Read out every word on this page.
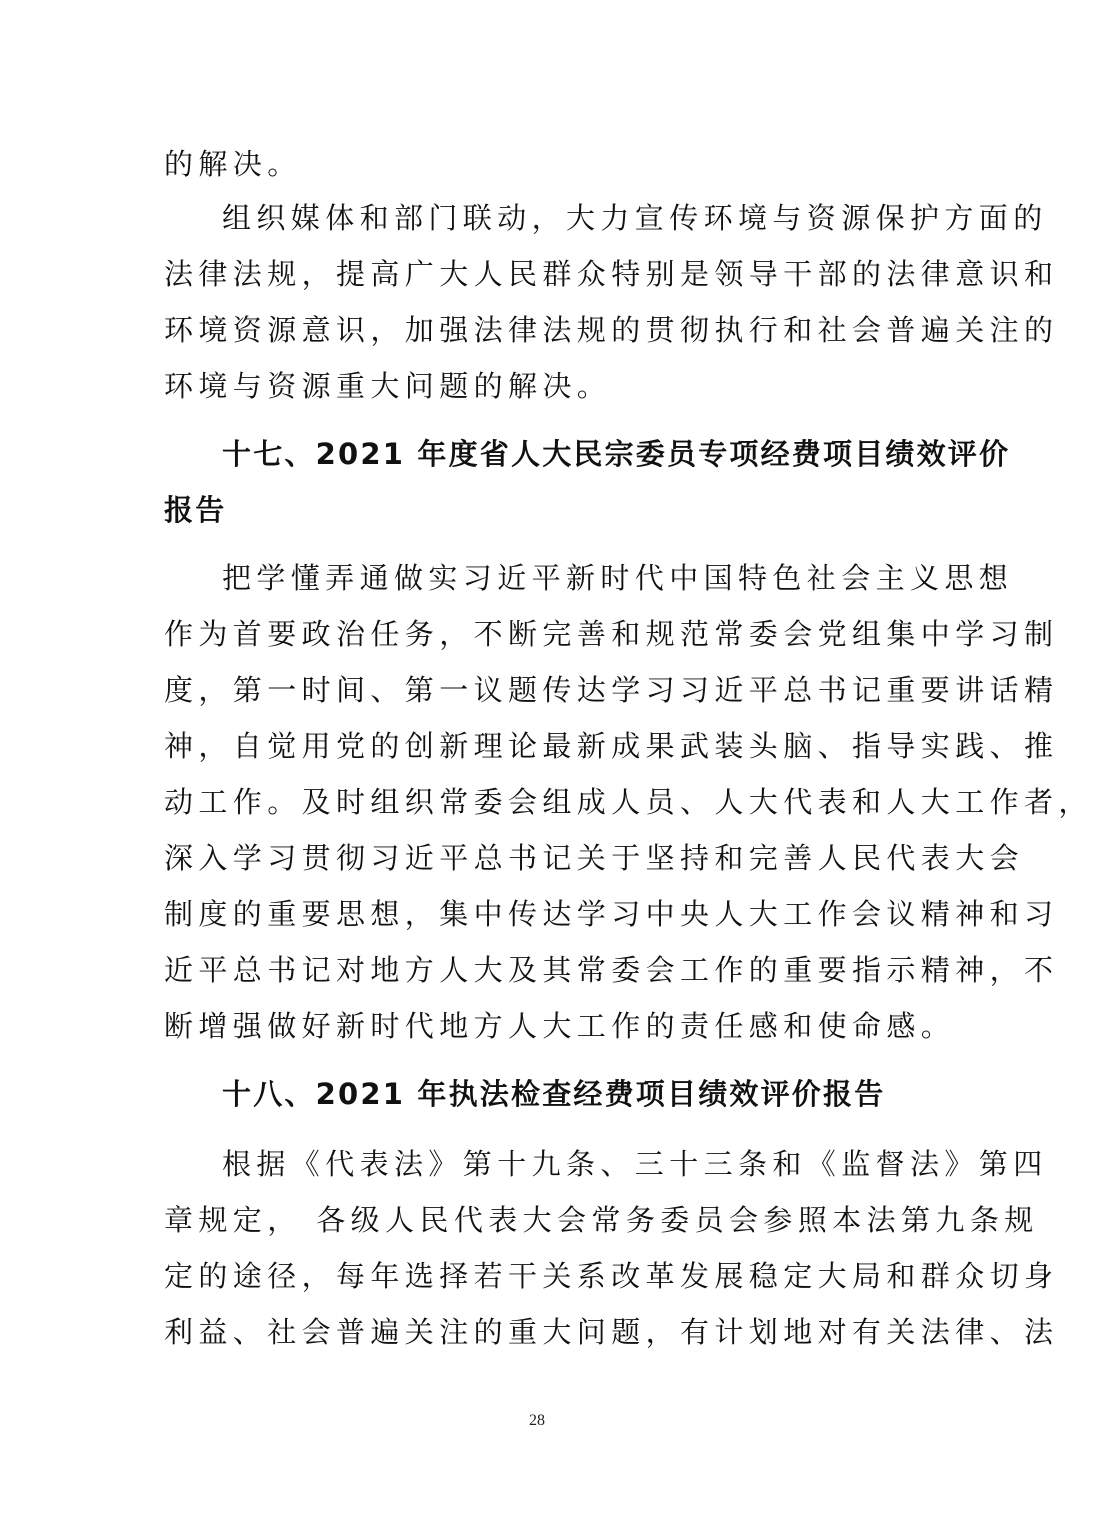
的解决。
组织媒体和部门联动，大力宣传环境与资源保护方面的
法律法规，提高广大人民群众特别是领导干部的法律意识和
环境资源意识，加强法律法规的贯彻执行和社会普遍关注的
环境与资源重大问题的解决。
十七、2021 年度省人大民宗委员专项经费项目绩效评价
报告
把学懂弄通做实习近平新时代中国特色社会主义思想
作为首要政治任务，不断完善和规范常委会党组集中学习制
度，第一时间、第一议题传达学习习近平总书记重要讲话精
神，自觉用党的创新理论最新成果武装头脑、指导实践、推
动工作。及时组织常委会组成人员、人大代表和人大工作者，
深入学习贯彻习近平总书记关于坚持和完善人民代表大会
制度的重要思想，集中传达学习中央人大工作会议精神和习
近平总书记对地方人大及其常委会工作的重要指示精神，不
断增强做好新时代地方人大工作的责任感和使命感。
十八、2021 年执法检查经费项目绩效评价报告
根据《代表法》第十九条、三十三条和《监督法》第四
章规定， 各级人民代表大会常务委员会参照本法第九条规
定的途径，每年选择若干关系改革发展稳定大局和群众切身
利益、社会普遍关注的重大问题，有计划地对有关法律、法
28
